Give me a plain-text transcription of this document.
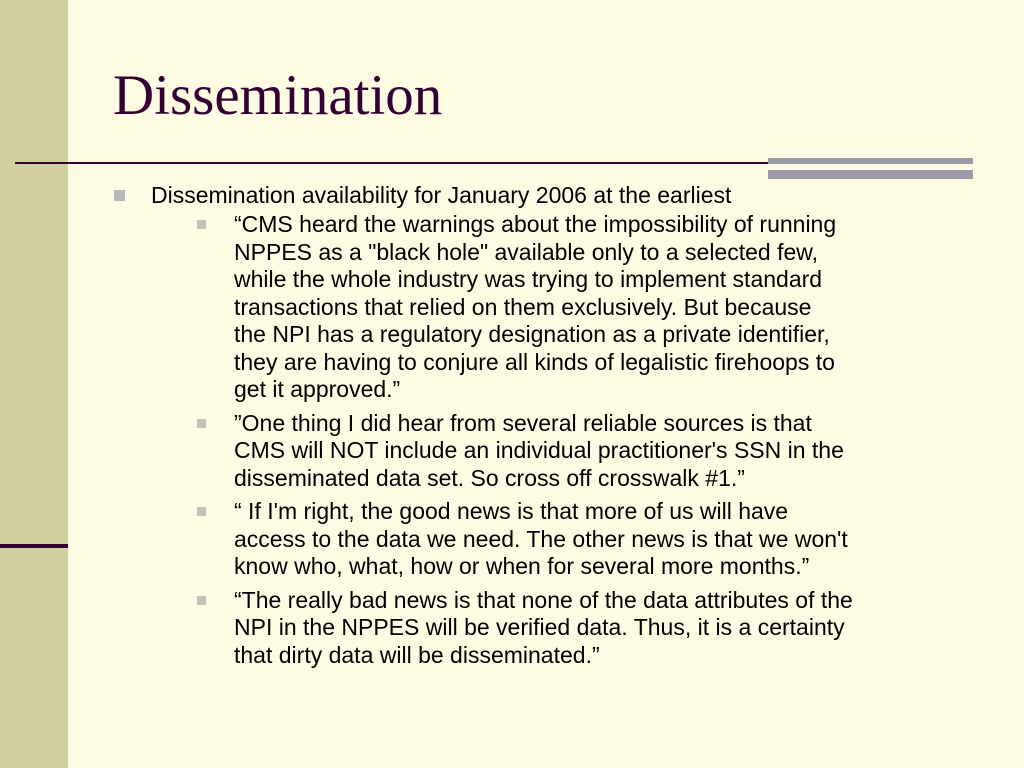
Dissemination
Dissemination availability for January 2006 at the earliest
“CMS heard the warnings about the impossibility of running
NPPES as a "black hole" available only to a selected few,
while the whole industry was trying to implement standard
transactions that relied on them exclusively. But because
the NPI has a regulatory designation as a private identifier,
they are having to conjure all kinds of legalistic firehoops to
get it approved.”
”One thing I did hear from several reliable sources is that
CMS will NOT include an individual practitioner's SSN in the
disseminated data set. So cross off crosswalk #1.”
“ If I'm right, the good news is that more of us will have
access to the data we need. The other news is that we won't
know who, what, how or when for several more months.”
“The really bad news is that none of the data attributes of the
NPI in the NPPES will be verified data. Thus, it is a certainty
that dirty data will be disseminated.”
